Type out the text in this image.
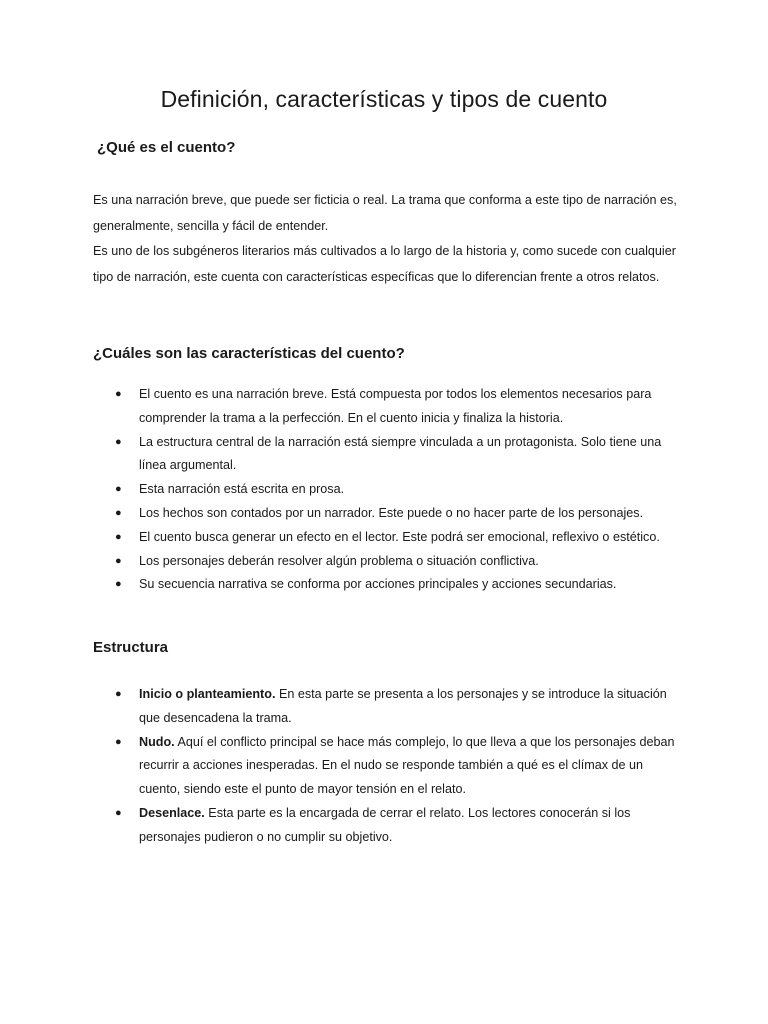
Definición, características y tipos de cuento
¿Qué es el cuento?

Es una narración breve, que puede ser ficticia o real. La trama que conforma a este tipo de narración es, generalmente, sencilla y fácil de entender.

Es uno de los subgéneros literarios más cultivados a lo largo de la historia y, como sucede con cualquier tipo de narración, este cuenta con características específicas que lo diferencian frente a otros relatos.

¿Cuáles son las características del cuento?
● El cuento es una narración breve. Está compuesta por todos los elementos necesarios para comprender la trama a la perfección. En el cuento inicia y finaliza la historia.
● La estructura central de la narración está siempre vinculada a un protagonista. Solo tiene una línea argumental.
● Esta narración está escrita en prosa.
● Los hechos son contados por un narrador. Este puede o no hacer parte de los personajes.
● El cuento busca generar un efecto en el lector. Este podrá ser emocional, reflexivo o estético.
● Los personajes deberán resolver algún problema o situación conflictiva.
● Su secuencia narrativa se conforma por acciones principales y acciones secundarias.
Estructura
● Inicio o planteamiento. En esta parte se presenta a los personajes y se introduce la situación que desencadena la trama.
● Nudo. Aquí el conflicto principal se hace más complejo, lo que lleva a que los personajes deban recurrir a acciones inesperadas. En el nudo se responde también a qué es el clímax de un cuento, siendo este el punto de mayor tensión en el relato.
● Desenlace. Esta parte es la encargada de cerrar el relato. Los lectores conocerán si los personajes pudieron o no cumplir su objetivo.
